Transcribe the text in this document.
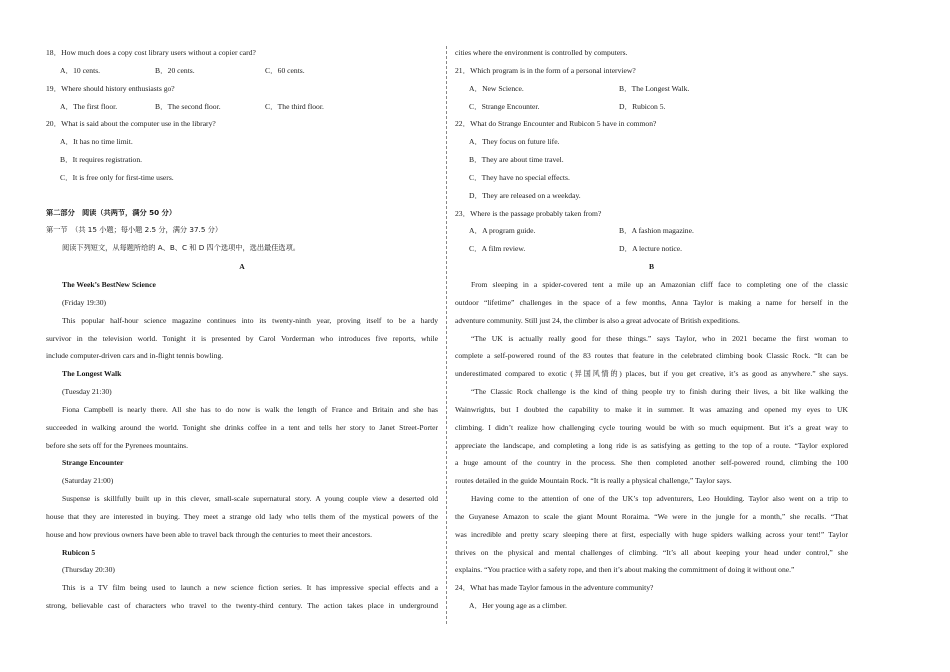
18．How much does a copy cost library users without a copier card?
A．10 cents.	B．20 cents.	C．60 cents.
19．Where should history enthusiasts go?
A．The first floor.	B．The second floor.	C．The third floor.
20．What is said about the computer use in the library?
A．It has no time limit.
B．It requires registration.
C．It is free only for first-time users.
第二部分　阅读（共两节，满分 50 分）
第一节　（共 15 小题；每小题 2.5 分，满分 37.5 分）
阅读下列短文，从每题所给的 A、B、C 和 D 四个选项中，选出最佳选项。
A
The Week’s BestNew Science
(Friday 19:30)
This popular half-hour science magazine continues into its twenty-ninth year, proving itself to be a hardy
survivor in the television world. Tonight it is presented by Carol Vorderman who introduces five reports, while
include computer-driven cars and in-flight tennis bowling.
The Longest Walk
(Tuesday 21:30)
Fiona Campbell is nearly there. All she has to do now is walk the length of France and Britain and she has
succeeded in walking around the world. Tonight she drinks coffee in a tent and tells her story to Janet Street-Porter
before she sets off for the Pyrenees mountains.
Strange Encounter
(Saturday 21:00)
Suspense is skillfully built up in this clever, small-scale supernatural story. A young couple view a deserted old
house that they are interested in buying. They meet a strange old lady who tells them of the mystical powers of the
house and how previous owners have been able to travel back through the centuries to meet their ancestors.
Rubicon 5
(Thursday 20:30)
This is a TV film being used to launch a new science fiction series. It has impressive special effects and a
strong, believable cast of characters who travel to the twenty-third century. The action takes place in underground
cities where the environment is controlled by computers.
21．Which program is in the form of a personal interview?
A．New Science.	B．The Longest Walk.
C．Strange Encounter.	D．Rubicon 5.
22．What do Strange Encounter and Rubicon 5 have in common?
A．They focus on future life.
B．They are about time travel.
C．They have no special effects.
D．They are released on a weekday.
23．Where is the passage probably taken from?
A．A program guide.	B．A fashion magazine.
C．A film review.	D．A lecture notice.
B
From sleeping in a spider-covered tent a mile up an Amazonian cliff face to completing one of the classic
outdoor “lifetime” challenges in the space of a few months, Anna Taylor is making a name for herself in the
adventure community. Still just 24, the climber is also a great advocate of British expeditions.
“The UK is actually really good for these things.” says Taylor, who in 2021 became the first woman to
complete a self-powered round of the 83 routes that feature in the celebrated climbing book Classic Rock. “It can be
underestimated compared to exotic (异国风情的) places, but if you get creative, it’s as good as anywhere.” she says.
“The Classic Rock challenge is the kind of thing people try to finish during their lives, a bit like walking the
Wainwrights, but I doubted the capability to make it in summer. It was amazing and opened my eyes to UK
climbing. I didn’t realize how challenging cycle touring would be with so much equipment. But it’s a great way to
appreciate the landscape, and completing a long ride is as satisfying as getting to the top of a route. “Taylor explored
a huge amount of the country in the process. She then completed another self-powered round, climbing the 100
routes detailed in the guide Mountain Rock. “It is really a physical challenge,” Taylor says.
Having come to the attention of one of the UK’s top adventurers, Leo Houlding. Taylor also went on a trip to
the Guyanese Amazon to scale the giant Mount Roraima. “We were in the jungle for a month,” she recalls. “That
was incredible and pretty scary sleeping there at first, especially with huge spiders walking across your tent!” Taylor
thrives on the physical and mental challenges of climbing. “It’s all about keeping your head under control,” she
explains. “You practice with a safety rope, and then it’s about making the commitment of doing it without one.”
24．What has made Taylor famous in the adventure community?
A．Her young age as a climber.
